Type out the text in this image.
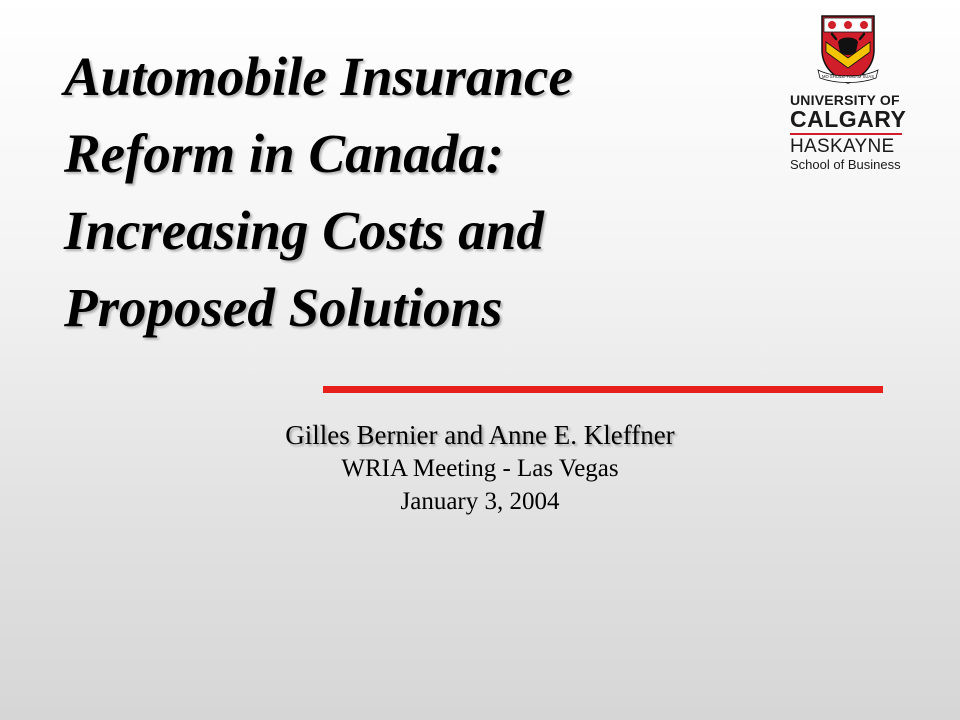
Automobile Insurance
Reform in Canada:
Increasing Costs and
Proposed Solutions
Gilles Bernier and Anne E. Kleffner
WRIA Meeting - Las Vegas
January 3, 2004
MO SHÙILE TOGAM SUAS
UNIVERSITY OF
CALGARY
HASKAYNE
School of Business
